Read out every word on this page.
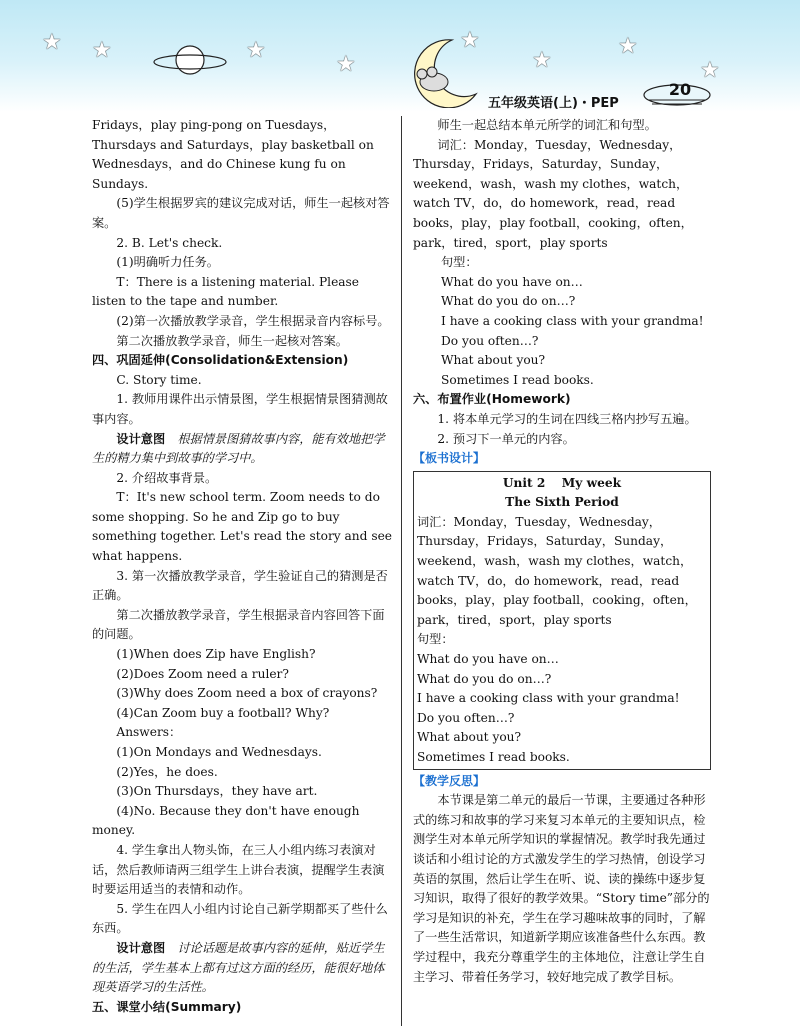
★ ★	★
★
★
★
★
★
五年级英语(上)・PEP
20

Fridays，play ping-pong on Tuesdays，Thursdays and Saturdays，play basketball on Wednesdays，and do Chinese kung fu on Sundays.

(5)学生根据罗宾的建议完成对话，师生一起核对答案。

2. B. Let's check.

(1)明确听力任务。

T：There is a listening material. Please listen to the tape and number.

(2)第一次播放教学录音，学生根据录音内容标号。

第二次播放教学录音，师生一起核对答案。

四、巩固延伸(Consolidation&Extension)

C. Story time.

1. 教师用课件出示情景图，学生根据情景图猜测故事内容。

设计意图　 根据情景图猜故事内容，能有效地把学生的精力集中到故事的学习中。

2. 介绍故事背景。

T：It's new school term. Zoom needs to do some shopping. So he and Zip go to buy something together. Let's read the story and see what happens.

3. 第一次播放教学录音，学生验证自己的猜测是否正确。

第二次播放教学录音，学生根据录音内容回答下面的问题。

(1)When does Zip have English?

(2)Does Zoom need a ruler?

(3)Why does Zoom need a box of crayons?

(4)Can Zoom buy a football? Why?

Answers：

(1)On Mondays and Wednesdays.

(2)Yes，he does.

(3)On Thursdays，they have art.

(4)No. Because they don't have enough money.

4. 学生拿出人物头饰，在三人小组内练习表演对话，然后教师请两三组学生上讲台表演，提醒学生表演时要运用适当的表情和动作。

5. 学生在四人小组内讨论自己新学期都买了些什么东西。

设计意图　 讨论话题是故事内容的延伸，贴近学生的生活，学生基本上都有过这方面的经历，能很好地体现英语学习的生活性。

五、课堂小结(Summary)

师生一起总结本单元所学的词汇和句型。

词汇：Monday，Tuesday，Wednesday，Thursday，Fridays，Saturday，Sunday，weekend，wash，wash my clothes，watch，watch TV，do，do homework，read，read books，play，play football，cooking，often，park，tired，sport，play sports

句型：

What do you have on…

What do you do on…?

I have a cooking class with your grandma!

Do you often…?

What about you?

Sometimes I read books.

六、布置作业(Homework)

1. 将本单元学习的生词在四线三格内抄写五遍。

2. 预习下一单元的内容。

【板书设计】
Unit 2　 My week
The Sixth Period

词汇：Monday，Tuesday，Wednesday，Thursday，Fridays，Saturday，Sunday，weekend，wash，wash my clothes，watch，watch TV，do，do homework，read，read books，play，play football，cooking，often，park，tired，sport，play sports

句型：

What do you have on…

What do you do on…?

I have a cooking class with your grandma!

Do you often…?

What about you?

Sometimes I read books.

【教学反思】

本节课是第二单元的最后一节课，主要通过各种形式的练习和故事的学习来复习本单元的主要知识点，检测学生对本单元所学知识的掌握情况。教学时我先通过谈话和小组讨论的方式激发学生的学习热情，创设学习英语的氛围，然后让学生在听、说、读的操练中逐步复习知识，取得了很好的教学效果。“Story time”部分的学习是知识的补充，学生在学习趣味故事的同时，了解了一些生活常识，知道新学期应该准备些什么东西。教学过程中，我充分尊重学生的主体地位，注意让学生自主学习、带着任务学习，较好地完成了教学目标。
